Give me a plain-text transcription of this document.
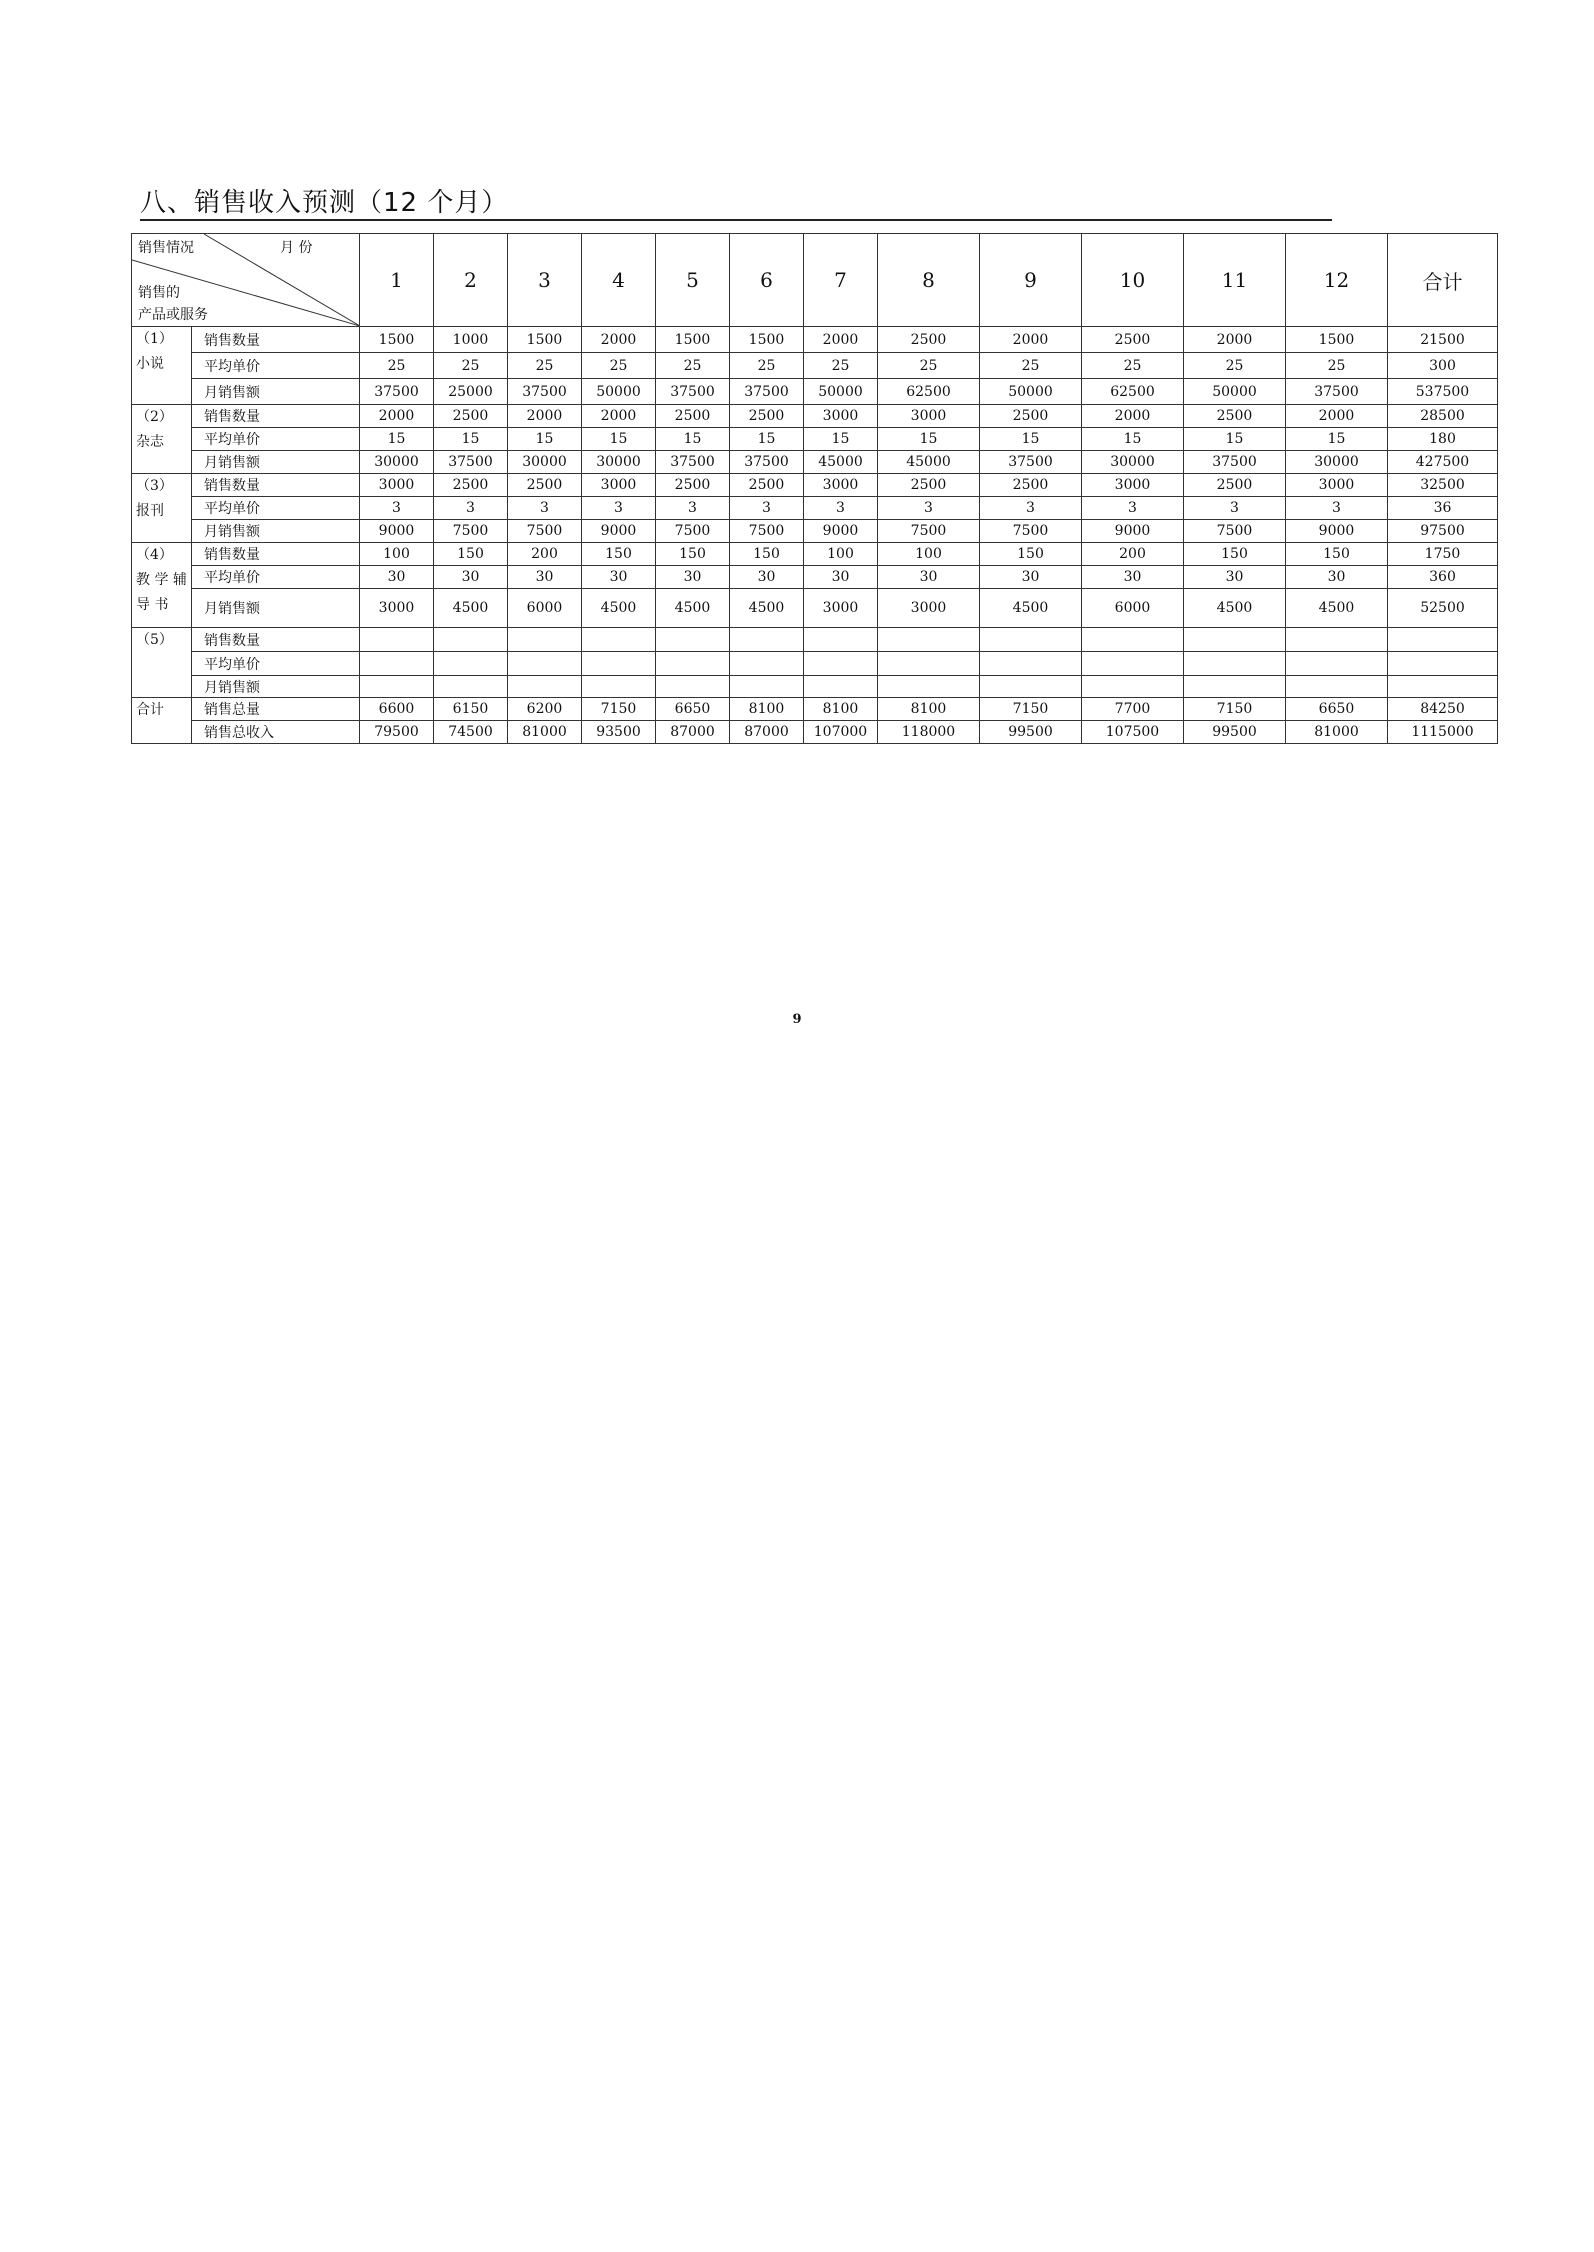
八、销售收入预测（12 个月）
销售情况 月 份
销售的
产品或服务		1	2	3	4	5	6	7	8	9	10	11	12	合计
（1） 小说	销售数量	1500	1000	1500	2000	1500	1500	2000	2500	2000	2500	2000	1500	21500
	平均单价	25	25	25	25	25	25	25	25	25	25	25	25	300
	月销售额	37500	25000	37500	50000	37500	37500	50000	62500	50000	62500	50000	37500	537500
（2） 杂志	销售数量	2000	2500	2000	2000	2500	2500	3000	3000	2500	2000	2500	2000	28500
	平均单价	15	15	15	15	15	15	15	15	15	15	15	15	180
	月销售额	30000	37500	30000	30000	37500	37500	45000	45000	37500	30000	37500	30000	427500
（3） 报刊	销售数量	3000	2500	2500	3000	2500	2500	3000	2500	2500	3000	2500	3000	32500
	平均单价	3	3	3	3	3	3	3	3	3	3	3	3	36
	月销售额	9000	7500	7500	9000	7500	7500	9000	7500	7500	9000	7500	9000	97500
（4） 教 学 辅 导 书	销售数量	100	150	200	150	150	150	100	100	150	200	150	150	1750
	平均单价	30	30	30	30	30	30	30	30	30	30	30	30	360
	月销售额	3000	4500	6000	4500	4500	4500	3000	3000	4500	6000	4500	4500	52500
（5）	销售数量													
	平均单价													
	月销售额													
合计	销售总量	6600	6150	6200	7150	6650	8100	8100	8100	7150	7700	7150	6650	84250
	销售总收入	79500	74500	81000	93500	87000	87000	107000	118000	99500	107500	99500	81000	1115000
9
